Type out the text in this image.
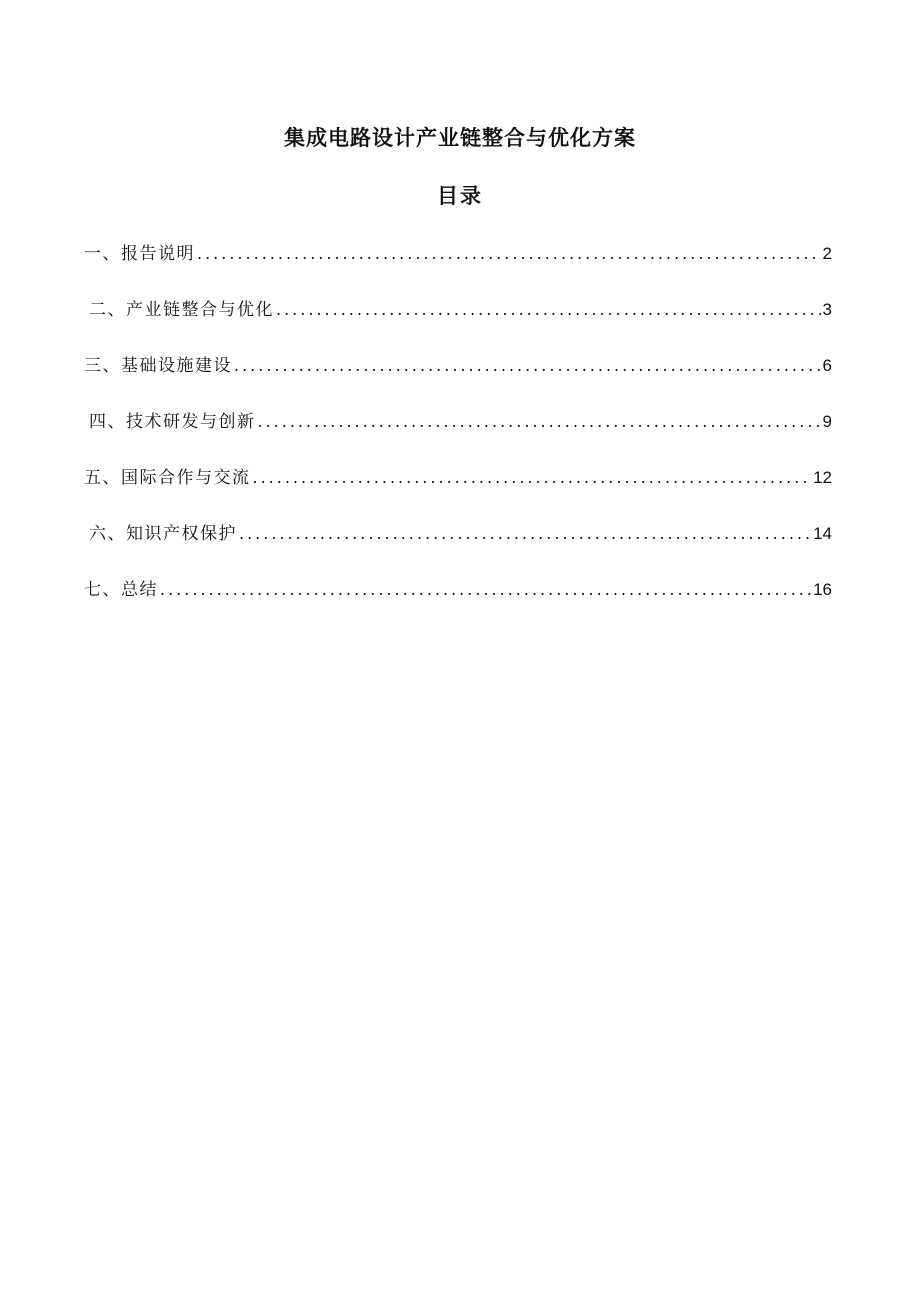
集成电路设计产业链整合与优化方案
目录
一、 报告说明 .....	2
二、 产业链整合与优化 .....	3
三、 基础设施建设 .....	6
四、 技术研发与创新 .....	9
五、 国际合作与交流 .....	12
六、 知识产权保护 .....	14
七、 总结 .....	16
